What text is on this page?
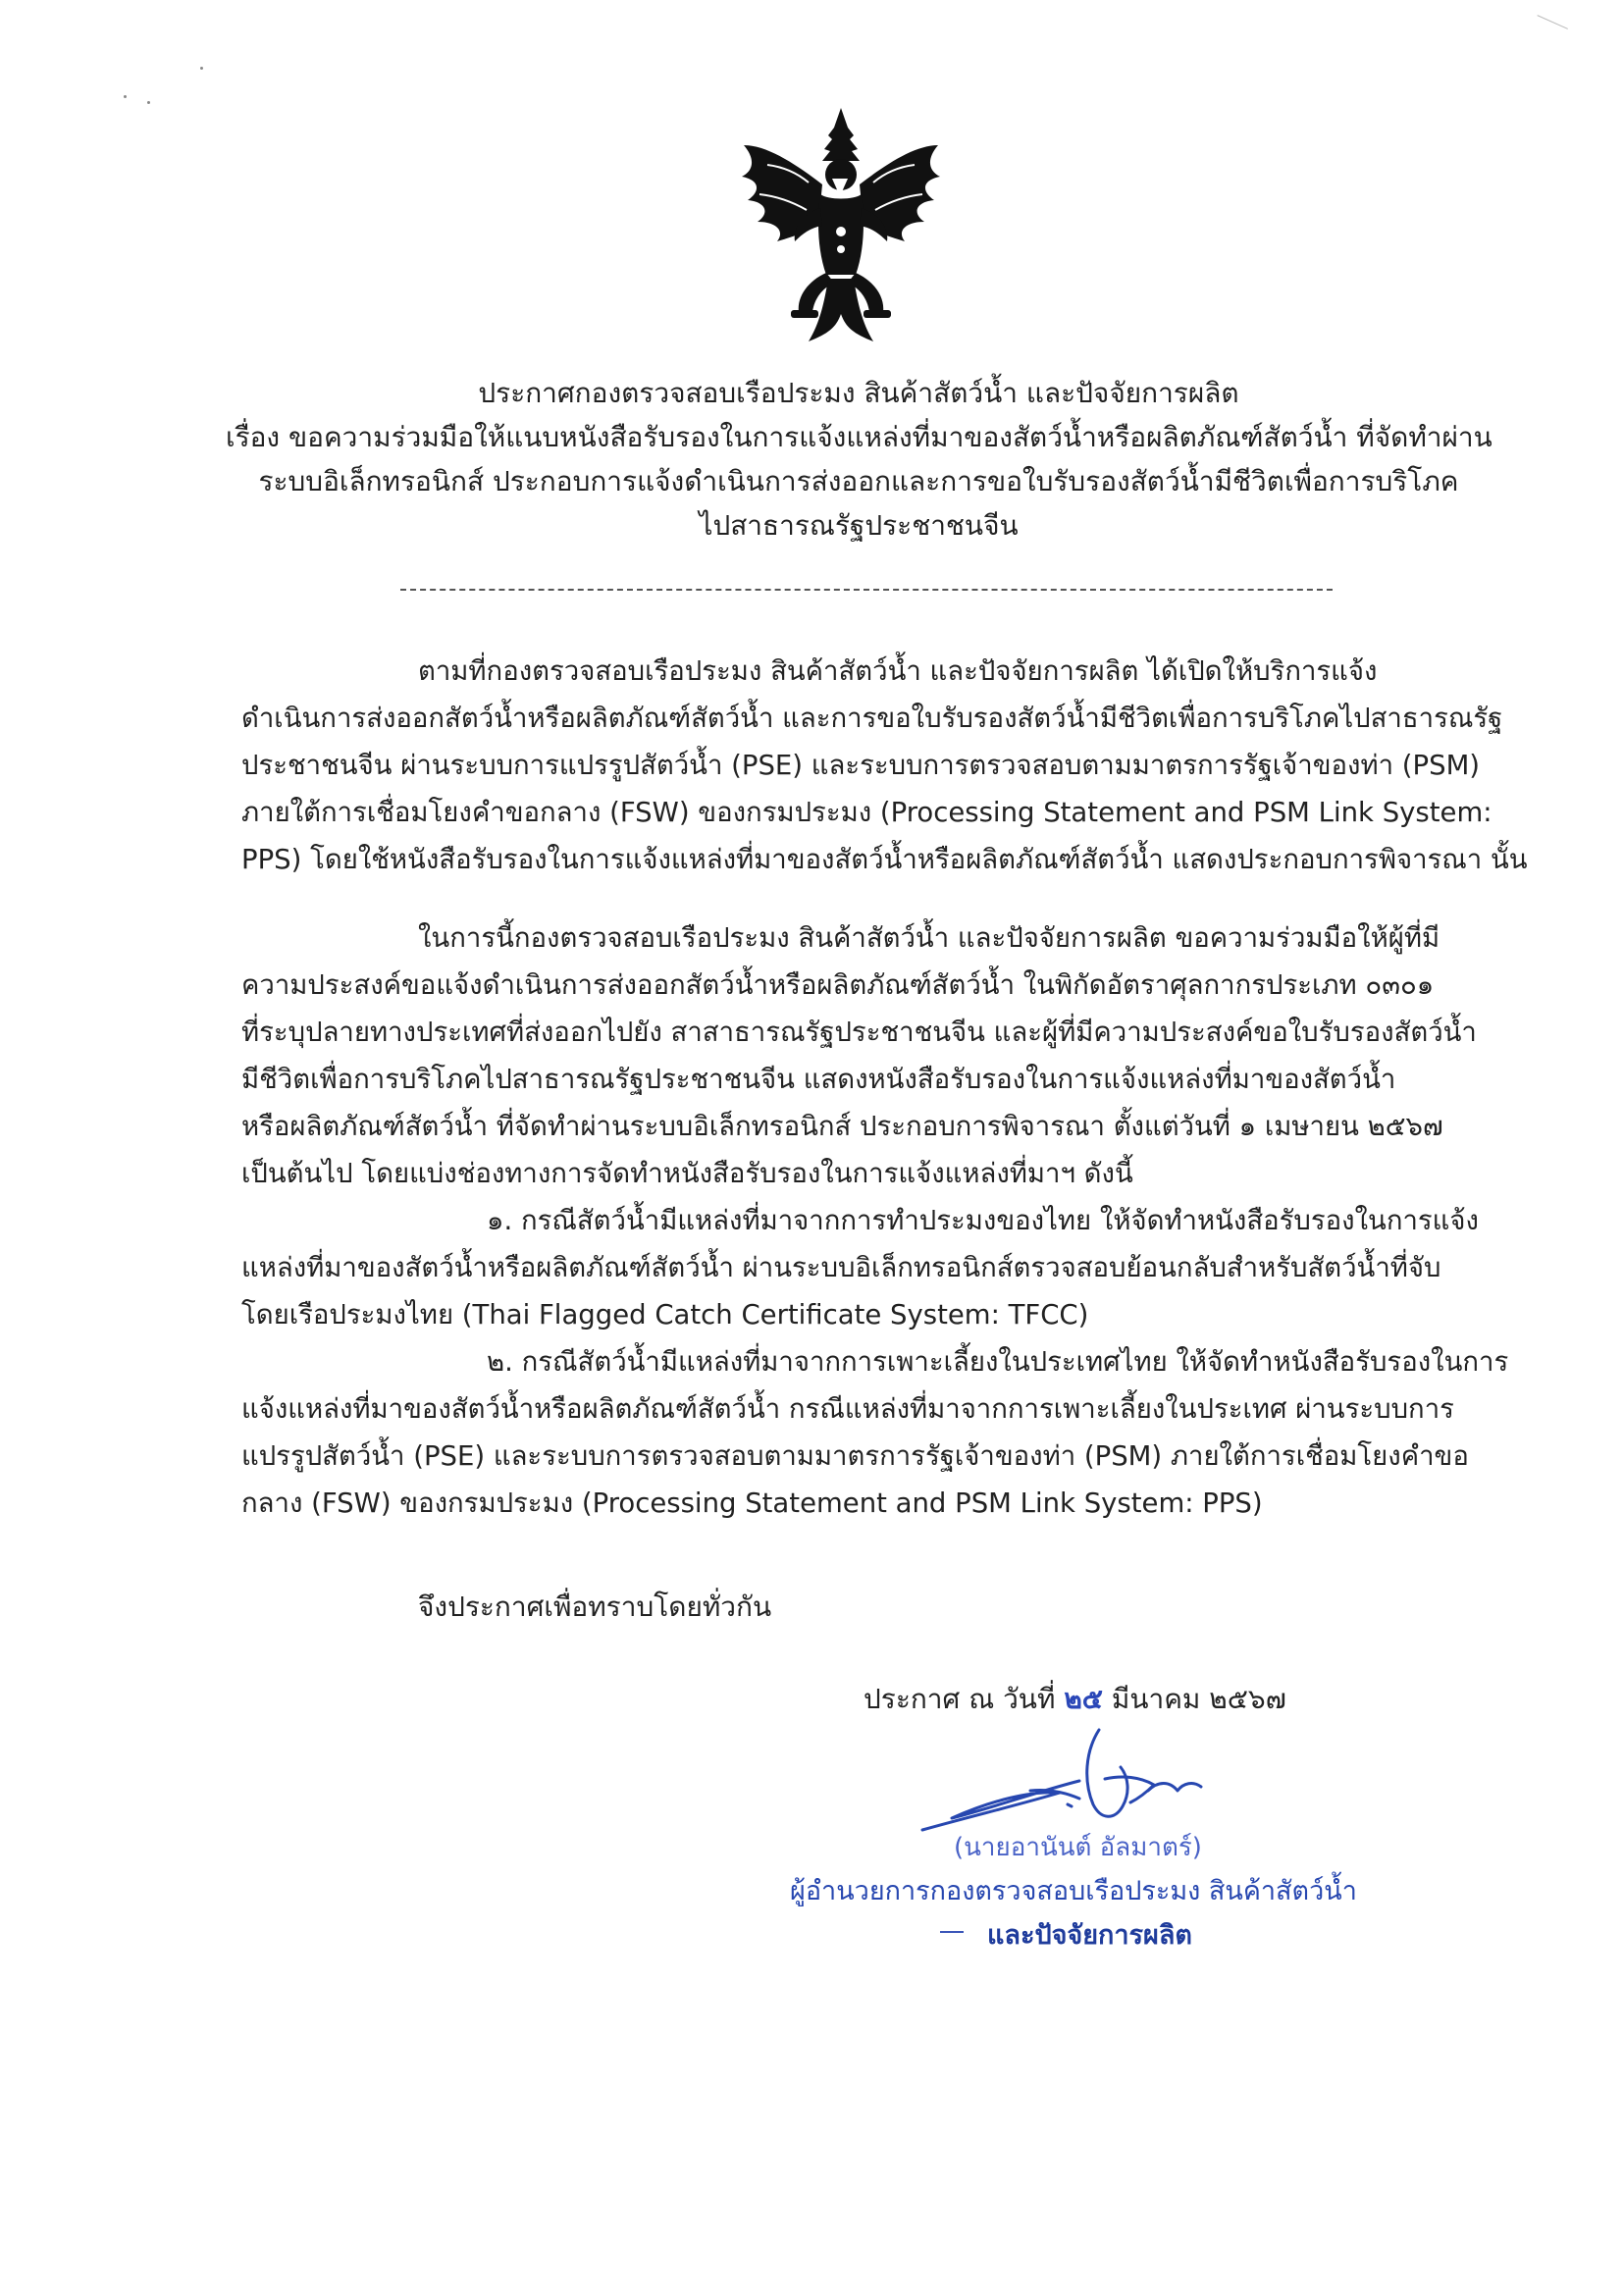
ประกาศกองตรวจสอบเรือประมง สินค้าสัตว์น้ำ และปัจจัยการผลิต
เรื่อง ขอความร่วมมือให้แนบหนังสือรับรองในการแจ้งแหล่งที่มาของสัตว์น้ำหรือผลิตภัณฑ์สัตว์น้ำ ที่จัดทำผ่าน
ระบบอิเล็กทรอนิกส์ ประกอบการแจ้งดำเนินการส่งออกและการขอใบรับรองสัตว์น้ำมีชีวิตเพื่อการบริโภค
ไปสาธารณรัฐประชาชนจีน
ตามที่กองตรวจสอบเรือประมง สินค้าสัตว์น้ำ และปัจจัยการผลิต ได้เปิดให้บริการแจ้ง
ดำเนินการส่งออกสัตว์น้ำหรือผลิตภัณฑ์สัตว์น้ำ และการขอใบรับรองสัตว์น้ำมีชีวิตเพื่อการบริโภคไปสาธารณรัฐ
ประชาชนจีน ผ่านระบบการแปรรูปสัตว์น้ำ (PSE) และระบบการตรวจสอบตามมาตรการรัฐเจ้าของท่า (PSM)
ภายใต้การเชื่อมโยงคำขอกลาง (FSW) ของกรมประมง (Processing Statement and PSM Link System:
PPS) โดยใช้หนังสือรับรองในการแจ้งแหล่งที่มาของสัตว์น้ำหรือผลิตภัณฑ์สัตว์น้ำ แสดงประกอบการพิจารณา นั้น
ในการนี้กองตรวจสอบเรือประมง สินค้าสัตว์น้ำ และปัจจัยการผลิต ขอความร่วมมือให้ผู้ที่มี
ความประสงค์ขอแจ้งดำเนินการส่งออกสัตว์น้ำหรือผลิตภัณฑ์สัตว์น้ำ ในพิกัดอัตราศุลกากรประเภท ๐๓๐๑
ที่ระบุปลายทางประเทศที่ส่งออกไปยัง สาสาธารณรัฐประชาชนจีน และผู้ที่มีความประสงค์ขอใบรับรองสัตว์น้ำ
มีชีวิตเพื่อการบริโภคไปสาธารณรัฐประชาชนจีน แสดงหนังสือรับรองในการแจ้งแหล่งที่มาของสัตว์น้ำ
หรือผลิตภัณฑ์สัตว์น้ำ ที่จัดทำผ่านระบบอิเล็กทรอนิกส์ ประกอบการพิจารณา ตั้งแต่วันที่ ๑ เมษายน ๒๕๖๗
เป็นต้นไป โดยแบ่งช่องทางการจัดทำหนังสือรับรองในการแจ้งแหล่งที่มาฯ ดังนี้
๑. กรณีสัตว์น้ำมีแหล่งที่มาจากการทำประมงของไทย ให้จัดทำหนังสือรับรองในการแจ้ง
แหล่งที่มาของสัตว์น้ำหรือผลิตภัณฑ์สัตว์น้ำ ผ่านระบบอิเล็กทรอนิกส์ตรวจสอบย้อนกลับสำหรับสัตว์น้ำที่จับ
โดยเรือประมงไทย (Thai Flagged Catch Certificate System: TFCC)
๒. กรณีสัตว์น้ำมีแหล่งที่มาจากการเพาะเลี้ยงในประเทศไทย ให้จัดทำหนังสือรับรองในการ
แจ้งแหล่งที่มาของสัตว์น้ำหรือผลิตภัณฑ์สัตว์น้ำ กรณีแหล่งที่มาจากการเพาะเลี้ยงในประเทศ ผ่านระบบการ
แปรรูปสัตว์น้ำ (PSE) และระบบการตรวจสอบตามมาตรการรัฐเจ้าของท่า (PSM) ภายใต้การเชื่อมโยงคำขอ
กลาง (FSW) ของกรมประมง (Processing Statement and PSM Link System: PPS)
จึงประกาศเพื่อทราบโดยทั่วกัน
ประกาศ ณ วันที่ ๒๕ มีนาคม ๒๕๖๗
(นายอานันต์ อัลมาตร์)
ผู้อำนวยการกองตรวจสอบเรือประมง สินค้าสัตว์น้ำ
และปัจจัยการผลิต
